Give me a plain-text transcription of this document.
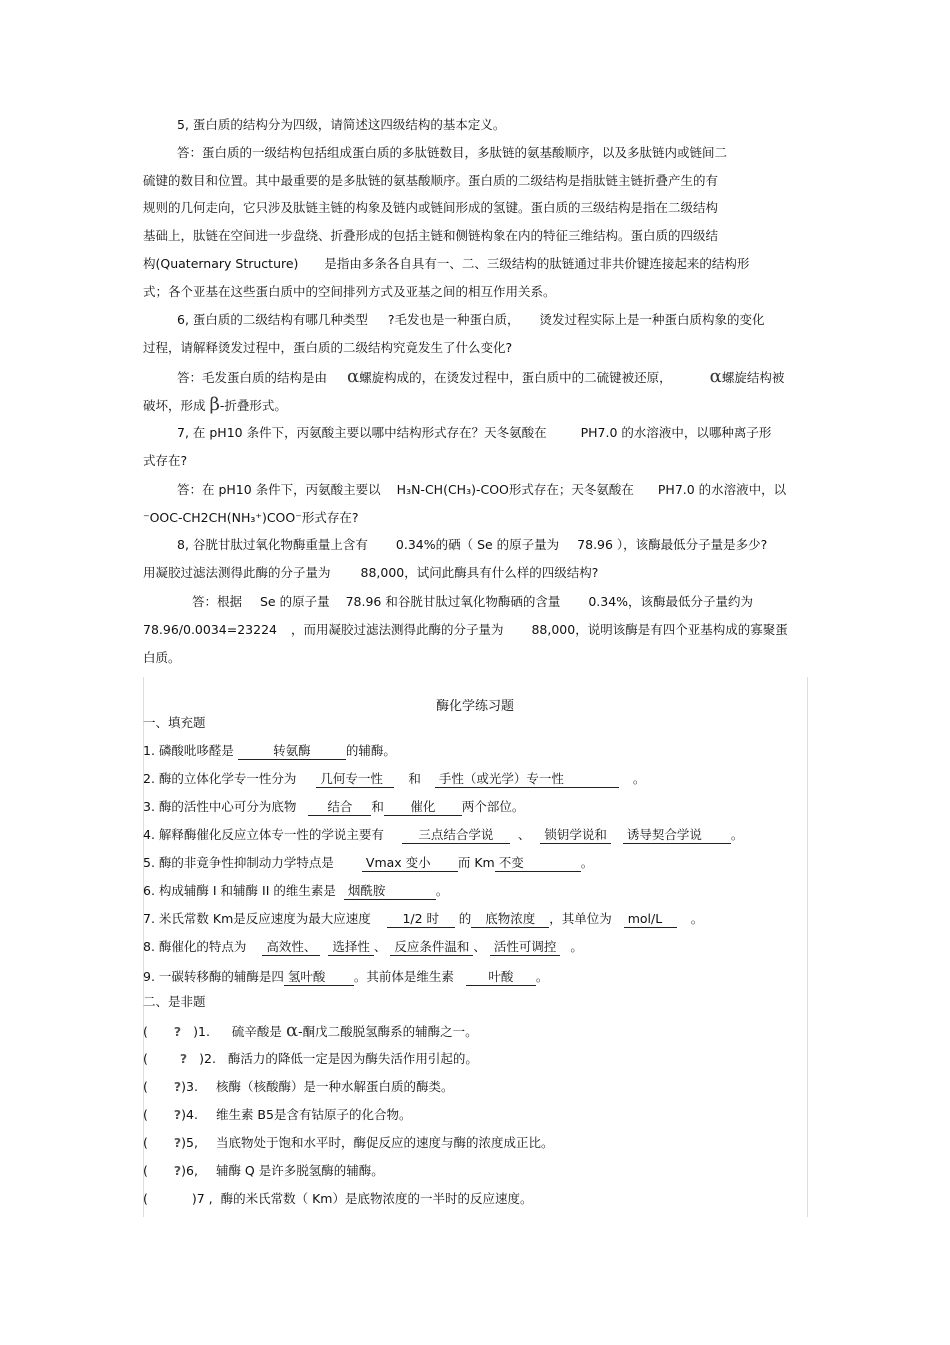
5, 蛋白质的结构分为四级，请简述这四级结构的基本定义。
答：蛋白质的一级结构包括组成蛋白质的多肽链数目，多肽链的氨基酸顺序，以及多肽链内或链间二
硫键的数目和位置。其中最重要的是多肽链的氨基酸顺序。蛋白质的二级结构是指肽链主链折叠产生的有
规则的几何走向，它只涉及肽链主链的构象及链内或链间形成的氢键。蛋白质的三级结构是指在二级结构
基础上，肽链在空间进一步盘绕、折叠形成的包括主链和侧链构象在内的特征三维结构。蛋白质的四级结
构(Quaternary Structure) 是指由多条各自具有一、二、三级结构的肽链通过非共价键连接起来的结构形
式；各个亚基在这些蛋白质中的空间排列方式及亚基之间的相互作用关系。
6, 蛋白质的二级结构有哪几种类型 ?毛发也是一种蛋白质， 烫发过程实际上是一种蛋白质构象的变化
过程，请解释烫发过程中，蛋白质的二级结构究竟发生了什么变化?
答：毛发蛋白质的结构是由 α螺旋构成的，在烫发过程中，蛋白质中的二硫键被还原， α螺旋结构被
破坏，形成 β-折叠形式。
7, 在 pH10 条件下，丙氨酸主要以哪中结构形式存在？天冬氨酸在	PH7.0 的水溶液中，以哪种离子形
式存在?
答：在 pH10 条件下，丙氨酸主要以 H₃N-CH(CH₃)-COO形式存在；天冬氨酸在 PH7.0 的水溶液中，以
⁻OOC-CH2CH(NH₃⁺)COO⁻形式存在?
8, 谷胱甘肽过氧化物酶重量上含有 0.34%的硒（ Se 的原子量为 78.96 ），该酶最低分子量是多少?
用凝胶过滤法测得此酶的分子量为 88,000，试问此酶具有什么样的四级结构?
答：根据 Se 的原子量 78.96 和谷胱甘肽过氧化物酶硒的含量 0.34%，该酶最低分子量约为
78.96/0.0034=23224 ，而用凝胶过滤法测得此酶的分子量为 88,000，说明该酶是有四个亚基构成的寡聚蛋
白质。
酶化学练习题
一、填充题
1. 磷酸吡哆醛是	转氨酶	的辅酶。
2. 酶的立体化学专一性分为 几何专一性 和 手性（或光学）专一性	。
3. 酶的活性中心可分为底物 结合 和 催化 两个部位。
4. 解释酶催化反应立体专一性的学说主要有	三点结合学说 、 锁钥学说和 诱导契合学说 。
5. 酶的非竟争性抑制动力学特点是	Vmax 变小 而 Km 不变	。
6. 构成辅酶 I 和辅酶 II 的维生素是 烟酰胺	。
7. 米氏常数 Km是反应速度为最大应速度	1/2 时 的 底物浓度 ，其单位为 mol/L 。
8. 酶催化的特点为 高效性、 选择性 、 反应条件温和 、 活性可调控 。
9. 一碳转移酶的辅酶是四 氢叶酸 。其前体是维生素	叶酸 。
二、是非题
( ? )1. 硫辛酸是 α-酮戊二酸脱氢酶系的辅酶之一。
(	? )2. 酶活力的降低一定是因为酶失活作用引起的。
( ?)3. 核酶（核酸酶）是一种水解蛋白质的酶类。
( ?)4. 维生素 B5是含有钴原子的化合物。
( ?)5, 当底物处于饱和水平时，酶促反应的速度与酶的浓度成正比。
( ?)6, 辅酶 Q 是许多脱氢酶的辅酶。
(	)7 , 酶的米氏常数（ Km）是底物浓度的一半时的反应速度。
